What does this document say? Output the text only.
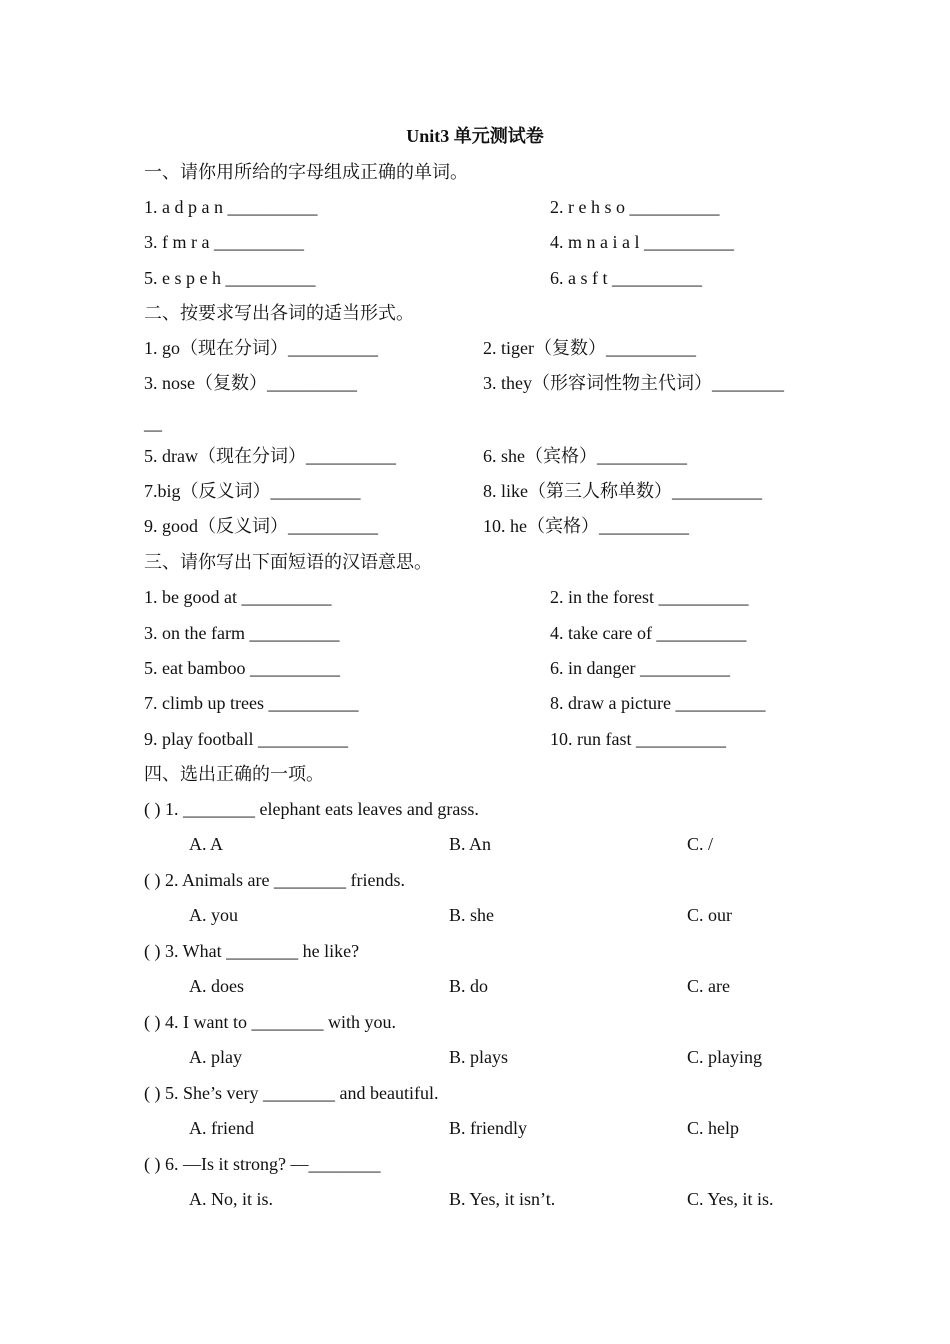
Unit3 单元测试卷
一、请你用所给的字母组成正确的单词。
1. a d p a n __________	2. r e h s o __________
3. f m r a __________	4. m n a i a l __________
5. e s p e h __________	6. a s f t __________
二、按要求写出各词的适当形式。
1. go（现在分词）__________	2. tiger（复数）__________
3. nose（复数）__________	3. they（形容词性物主代词）________
__
5. draw（现在分词）__________	6. she（宾格）__________
7.big（反义词）__________	8. like（第三人称单数）__________
9. good（反义词）__________	10. he（宾格）__________
三、请你写出下面短语的汉语意思。
1. be good at __________	2. in the forest __________
3. on the farm __________	4. take care of __________
5. eat bamboo __________	6. in danger __________
7. climb up trees __________	8. draw a picture __________
9. play football __________	10. run fast __________
四、选出正确的一项。
( ) 1. ________ elephant eats leaves and grass.
A. A	B. An	C. /
( ) 2. Animals are ________ friends.
A. you	B. she	C. our
( ) 3. What ________ he like?
A. does	B. do	C. are
( ) 4. I want to ________ with you.
A. play	B. plays	C. playing
( ) 5. She’s very ________ and beautiful.
A. friend	B. friendly	C. help
( ) 6. —Is it strong? —________
A. No, it is.	B. Yes, it isn’t.	C. Yes, it is.
